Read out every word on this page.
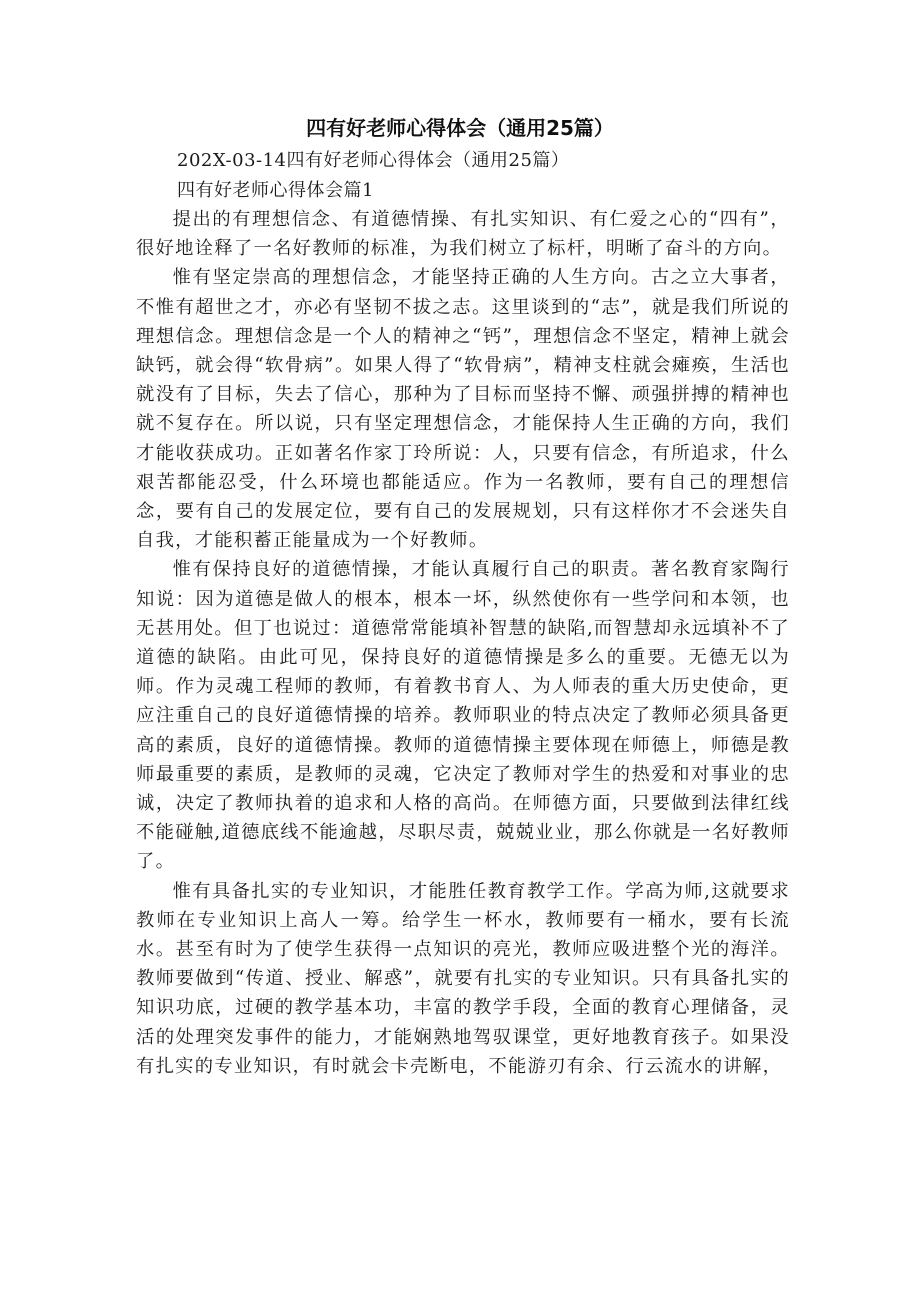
四有好老师心得体会（通用25篇）
202X-03-14四有好老师心得体会（通用25篇）
四有好老师心得体会篇1

提出的有理想信念、有道德情操、有扎实知识、有仁爱之心的“四有”，很好地诠释了一名好教师的标准，为我们树立了标杆，明晰了奋斗的方向。

惟有坚定崇高的理想信念，才能坚持正确的人生方向。古之立大事者，不惟有超世之才，亦必有坚韧不拔之志。这里谈到的“志”，就是我们所说的理想信念。理想信念是一个人的精神之“钙”，理想信念不坚定，精神上就会缺钙，就会得“软骨病”。如果人得了“软骨病”，精神支柱就会瘫痪，生活也就没有了目标，失去了信心，那种为了目标而坚持不懈、顽强拼搏的精神也就不复存在。所以说，只有坚定理想信念，才能保持人生正确的方向，我们才能收获成功。正如著名作家丁玲所说：人，只要有信念，有所追求，什么艰苦都能忍受，什么环境也都能适应。作为一名教师，要有自己的理想信念，要有自己的发展定位，要有自己的发展规划，只有这样你才不会迷失自自我，才能积蓄正能量成为一个好教师。

惟有保持良好的道德情操，才能认真履行自己的职责。著名教育家陶行知说：因为道德是做人的根本，根本一坏，纵然使你有一些学问和本领，也无甚用处。但丁也说过：道德常常能填补智慧的缺陷,而智慧却永远填补不了道德的缺陷。由此可见，保持良好的道德情操是多么的重要。无德无以为师。作为灵魂工程师的教师，有着教书育人、为人师表的重大历史使命，更应注重自己的良好道德情操的培养。教师职业的特点决定了教师必须具备更高的素质，良好的道德情操。教师的道德情操主要体现在师德上，师德是教师最重要的素质，是教师的灵魂，它决定了教师对学生的热爱和对事业的忠诚，决定了教师执着的追求和人格的高尚。在师德方面，只要做到法律红线不能碰触,道德底线不能逾越，尽职尽责，兢兢业业，那么你就是一名好教师了。

惟有具备扎实的专业知识，才能胜任教育教学工作。学高为师,这就要求教师在专业知识上高人一筹。给学生一杯水，教师要有一桶水，要有长流水。甚至有时为了使学生获得一点知识的亮光，教师应吸进整个光的海洋。教师要做到“传道、授业、解惑”，就要有扎实的专业知识。只有具备扎实的知识功底，过硬的教学基本功，丰富的教学手段，全面的教育心理储备，灵活的处理突发事件的能力，才能娴熟地驾驭课堂，更好地教育孩子。如果没有扎实的专业知识，有时就会卡壳断电，不能游刃有余、行云流水的讲解，
